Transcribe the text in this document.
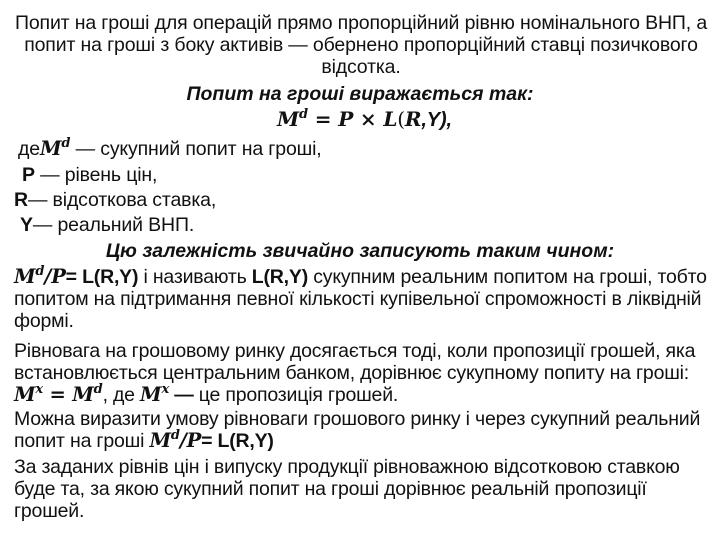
Попит на гроші для операцій прямо пропорційний рівню номінального ВНП, а попит на гроші з боку активів — обернено пропорційний ставці позичкового відсотка.
Попит на гроші виражається так:
$M^d = P \times L(R,Y)$,
деM$^d$ — сукупний попит на гроші,
P — рівень цін,
R— відсоткова ставка,
Y— реальний ВНП.
Цю залежність звичайно записують таким чином:
$M^d/P= L(R,Y)$ і називають L(R,Y) сукупним реальним попитом на гроші, тобто попитом на підтримання певної кількості купівельної спроможності в ліквідній формі.
Рівновага на грошовому ринку досягається тоді, коли пропозиції грошей, яка встановлюється центральним банком, дорівнює сукупному попиту на гроші: $M^x = M^d$, де $M^x$ — це пропозиція грошей.
Можна виразити умову рівноваги грошового ринку і через сукупний реальний попит на гроші $M^d/P= L(R,Y)$
За заданих рівнів цін і випуску продукції рівноважною відсотковою ставкою буде та, за якою сукупний попит на гроші дорівнює реальній пропозиції грошей.
